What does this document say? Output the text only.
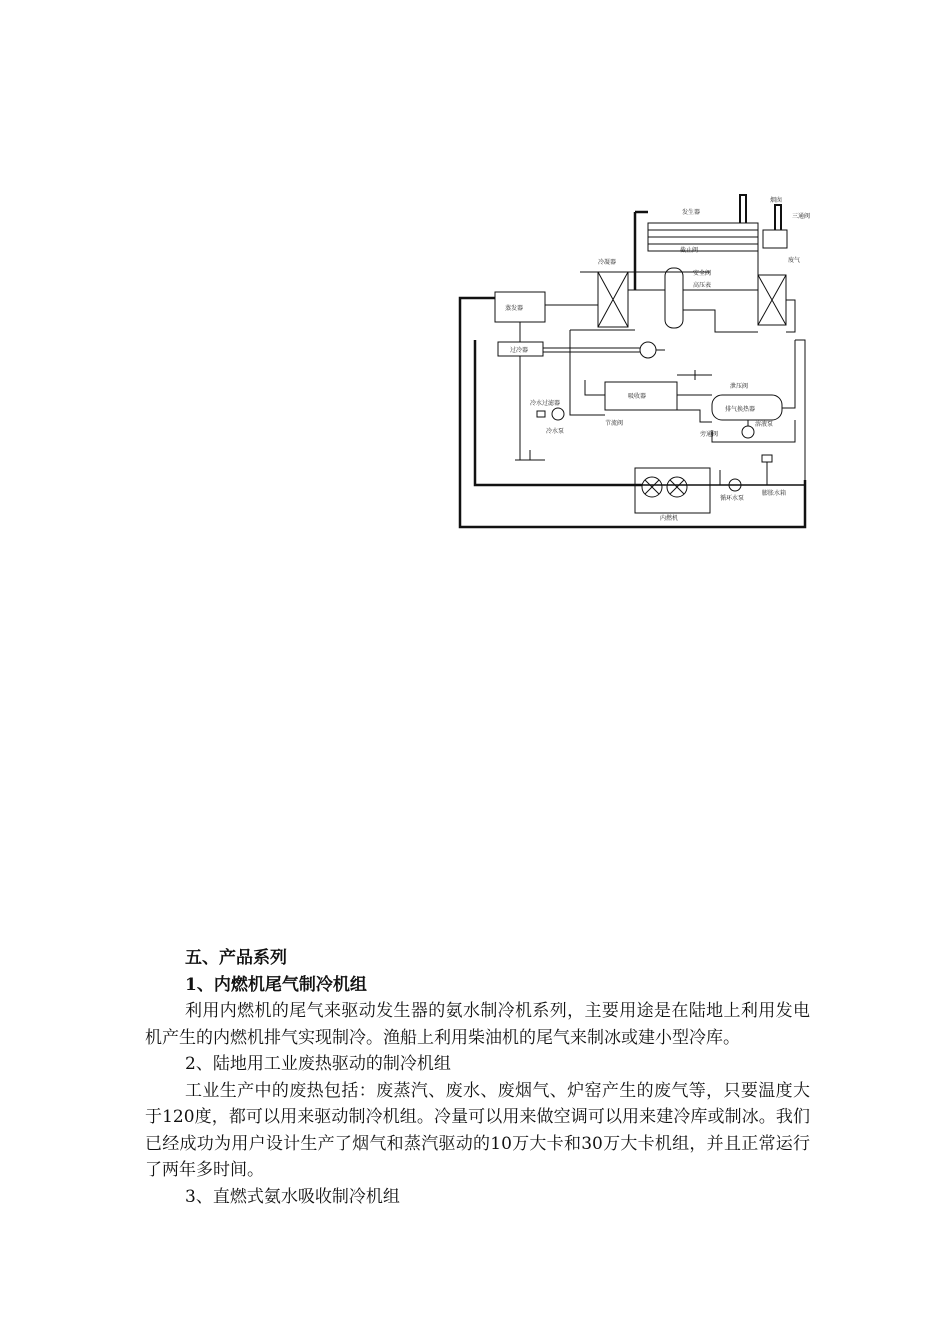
发生器
冷凝器
蒸发器
过冷器
吸收器
排气换热器
内燃机
冷水泵
冷水过滤器
节流阀	溶液泵
截止阀
烟囱
三通阀
废气
高压表
安全阀
泄压阀
旁通阀
循环水泵
膨胀水箱

五、产品系列

1、内燃机尾气制冷机组

利用内燃机的尾气来驱动发生器的氨水制冷机系列，主要用途是在陆地上利用发电机产生的内燃机排气实现制冷。渔船上利用柴油机的尾气来制冰或建小型冷库。

2、陆地用工业废热驱动的制冷机组

工业生产中的废热包括：废蒸汽、废水、废烟气、炉窑产生的废气等，只要温度大于120度，都可以用来驱动制冷机组。冷量可以用来做空调可以用来建冷库或制冰。我们已经成功为用户设计生产了烟气和蒸汽驱动的10万大卡和30万大卡机组，并且正常运行了两年多时间。

3、直燃式氨水吸收制冷机组
